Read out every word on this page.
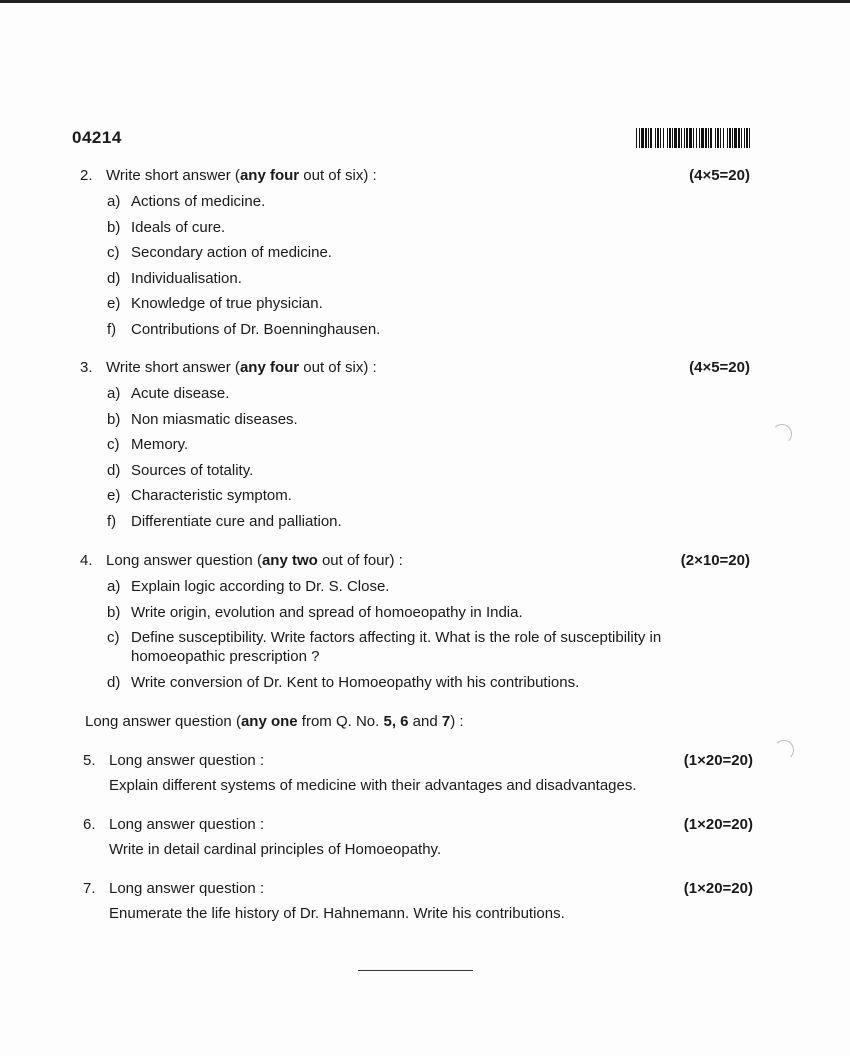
04214
2. Write short answer (any four out of six) :	(4×5=20)
a) Actions of medicine.
b) Ideals of cure.
c) Secondary action of medicine.
d) Individualisation.
e) Knowledge of true physician.
f) Contributions of Dr. Boenninghausen.
3. Write short answer (any four out of six) :	(4×5=20)
a) Acute disease.
b) Non miasmatic diseases.
c) Memory.
d) Sources of totality.
e) Characteristic symptom.
f) Differentiate cure and palliation.
4. Long answer question (any two out of four) :	(2×10=20)
a) Explain logic according to Dr. S. Close.
b) Write origin, evolution and spread of homoeopathy in India.
c) Define susceptibility. Write factors affecting it. What is the role of susceptibility in homoeopathic prescription ?
d) Write conversion of Dr. Kent to Homoeopathy with his contributions.
Long answer question (any one from Q. No. 5, 6 and 7) :
5. Long answer question :	(1×20=20)
Explain different systems of medicine with their advantages and disadvantages.
6. Long answer question :	(1×20=20)
Write in detail cardinal principles of Homoeopathy.
7. Long answer question :	(1×20=20)
Enumerate the life history of Dr. Hahnemann. Write his contributions.
